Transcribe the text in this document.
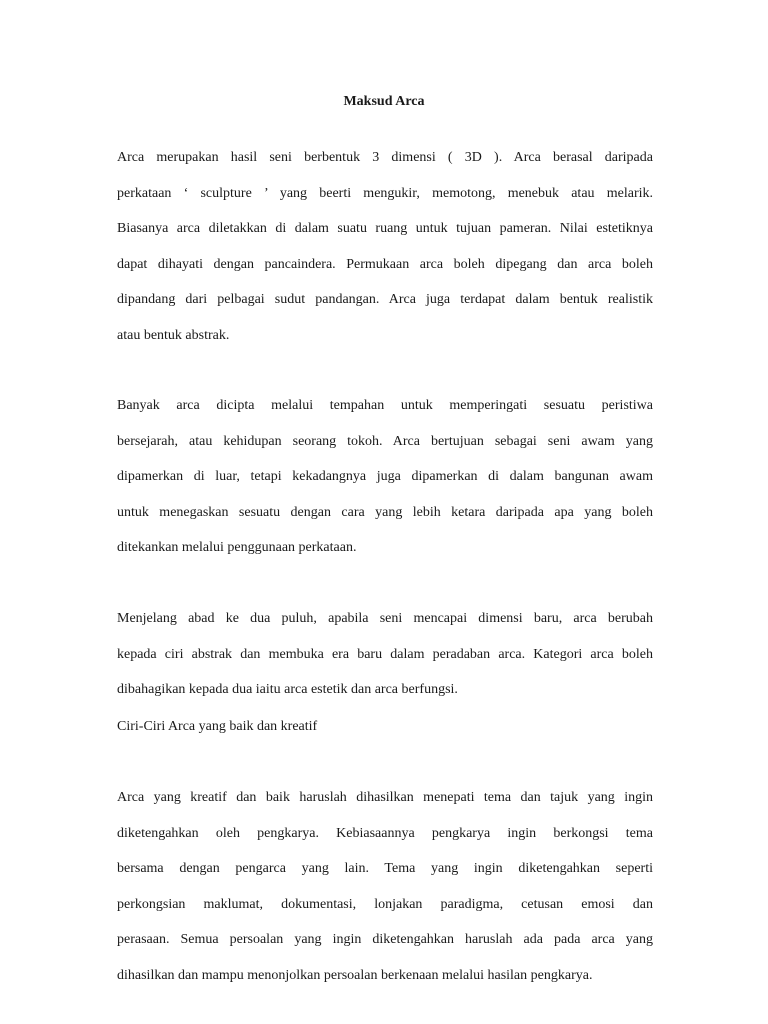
Maksud Arca
Arca merupakan hasil seni berbentuk 3 dimensi ( 3D ). Arca berasal daripada
perkataan ‘ sculpture ’ yang beerti mengukir, memotong, menebuk atau melarik.
Biasanya arca diletakkan di dalam suatu ruang untuk tujuan pameran. Nilai estetiknya
dapat dihayati dengan pancaindera. Permukaan arca boleh dipegang dan arca boleh
dipandang dari pelbagai sudut pandangan. Arca juga terdapat dalam bentuk realistik
atau bentuk abstrak.
Banyak arca dicipta melalui tempahan untuk memperingati sesuatu peristiwa
bersejarah, atau kehidupan seorang tokoh. Arca bertujuan sebagai seni awam yang
dipamerkan di luar, tetapi kekadangnya juga dipamerkan di dalam bangunan awam
untuk menegaskan sesuatu dengan cara yang lebih ketara daripada apa yang boleh
ditekankan melalui penggunaan perkataan.
Menjelang abad ke dua puluh, apabila seni mencapai dimensi baru, arca berubah
kepada ciri abstrak dan membuka era baru dalam peradaban arca. Kategori arca boleh
dibahagikan kepada dua iaitu arca estetik dan arca berfungsi.
Ciri-Ciri Arca yang baik dan kreatif
Arca yang kreatif dan baik haruslah dihasilkan menepati tema dan tajuk yang ingin
diketengahkan oleh pengkarya. Kebiasaannya pengkarya ingin berkongsi tema
bersama dengan pengarca yang lain. Tema yang ingin diketengahkan seperti
perkongsian maklumat, dokumentasi, lonjakan paradigma, cetusan emosi dan
perasaan. Semua persoalan yang ingin diketengahkan haruslah ada pada arca yang
dihasilkan dan mampu menonjolkan persoalan berkenaan melalui hasilan pengkarya.
